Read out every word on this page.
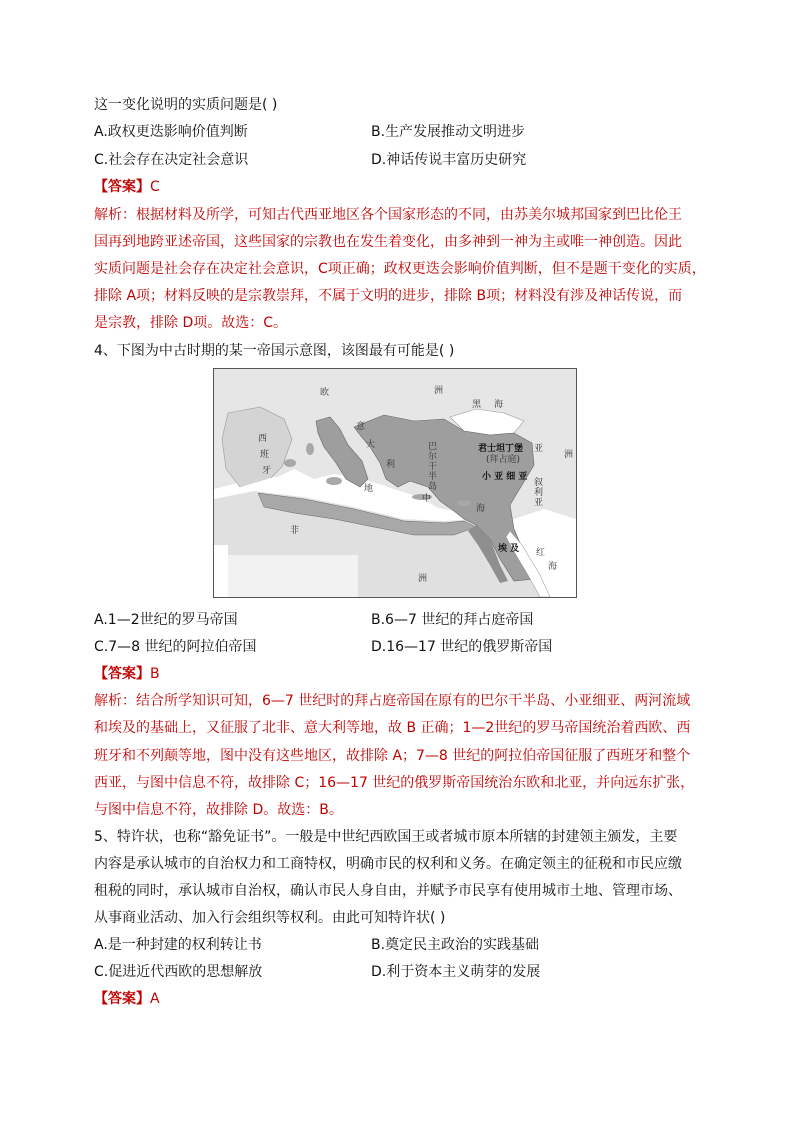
这一变化说明的实质问题是( )
A.政权更迭影响价值判断	B.生产发展推动文明进步
C.社会存在决定社会意识	D.神话传说丰富历史研究
【答案】C
解析：根据材料及所学，可知古代西亚地区各个国家形态的不同，由苏美尔城邦国家到巴比伦王
国再到地跨亚述帝国，这些国家的宗教也在发生着变化，由多神到一神为主或唯一神创造。因此
实质问题是社会存在决定社会意识，C项正确；政权更迭会影响价值判断，但不是题干变化的实质，
排除 A项；材料反映的是宗教崇拜，不属于文明的进步，排除 B项；材料没有涉及神话传说，而
是宗教，排除 D项。故选：C。
4、下图为中古时期的某一帝国示意图，该图最有可能是( )
欧	洲
黑 海
西
班
牙
意
大
利
巴
尔
干
半
岛
君士坦丁堡
(拜占庭)
小 亚 细 亚
亚
洲
叙
利
亚
地
中
海
非
洲
埃 及 红
海
A.1—2世纪的罗马帝国	B.6—7 世纪的拜占庭帝国
C.7—8 世纪的阿拉伯帝国	D.16—17 世纪的俄罗斯帝国
【答案】B
解析：结合所学知识可知，6—7 世纪时的拜占庭帝国在原有的巴尔干半岛、小亚细亚、两河流域
和埃及的基础上，又征服了北非、意大利等地，故 B 正确；1—2世纪的罗马帝国统治着西欧、西
班牙和不列颠等地，图中没有这些地区，故排除 A；7—8 世纪的阿拉伯帝国征服了西班牙和整个
西亚，与图中信息不符，故排除 C；16—17 世纪的俄罗斯帝国统治东欧和北亚，并向远东扩张，
与图中信息不符，故排除 D。故选：B。
5、特许状，也称“豁免证书”。一般是中世纪西欧国王或者城市原本所辖的封建领主颁发，主要
内容是承认城市的自治权力和工商特权，明确市民的权利和义务。在确定领主的征税和市民应缴
租税的同时，承认城市自治权，确认市民人身自由，并赋予市民享有使用城市土地、管理市场、
从事商业活动、加入行会组织等权利。由此可知特许状( )
A.是一种封建的权利转让书	B.奠定民主政治的实践基础
C.促进近代西欧的思想解放	D.利于资本主义萌芽的发展
【答案】A
